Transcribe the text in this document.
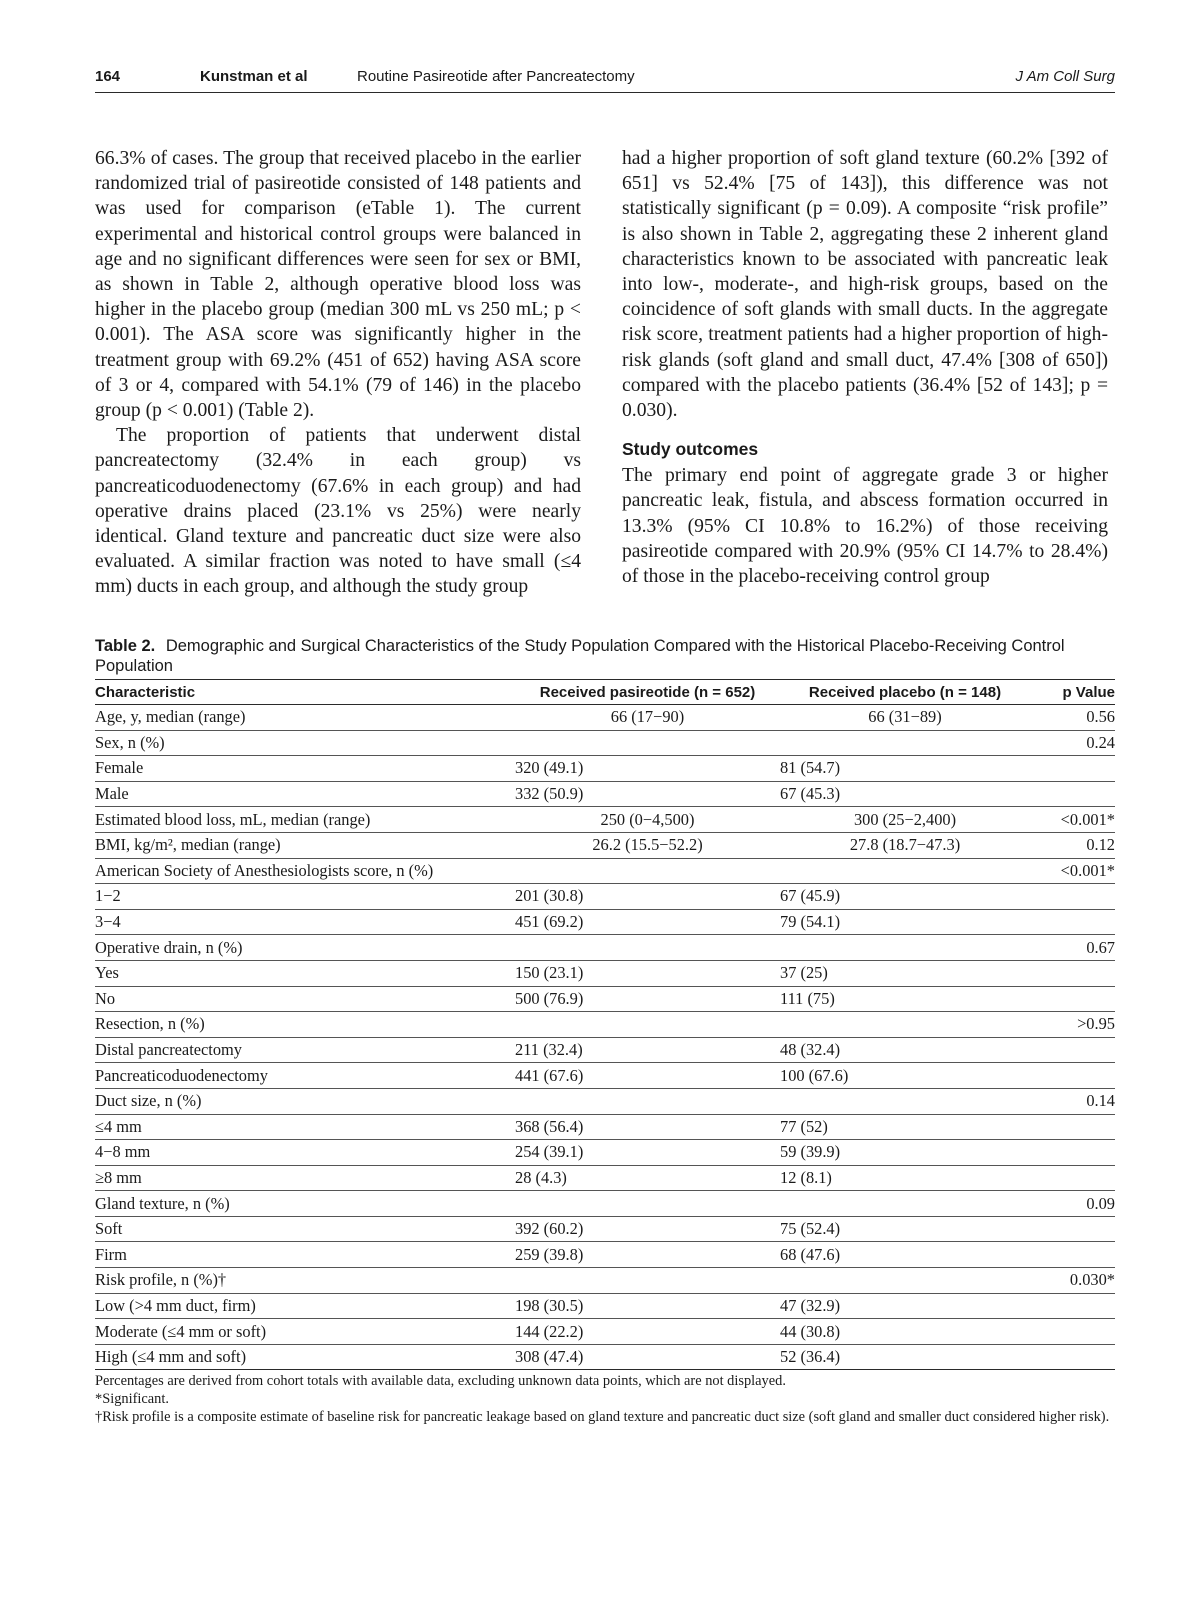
164	Kunstman et al	Routine Pasireotide after Pancreatectomy	J Am Coll Surg

66.3% of cases. The group that received placebo in the earlier randomized trial of pasireotide consisted of 148 patients and was used for comparison (eTable 1). The current experimental and historical control groups were balanced in age and no significant differences were seen for sex or BMI, as shown in Table 2, although operative blood loss was higher in the placebo group (median 300 mL vs 250 mL; p < 0.001). The ASA score was significantly higher in the treatment group with 69.2% (451 of 652) having ASA score of 3 or 4, compared with 54.1% (79 of 146) in the placebo group (p < 0.001) (Table 2).

The proportion of patients that underwent distal pancreatectomy (32.4% in each group) vs pancreaticoduodenectomy (67.6% in each group) and had operative drains placed (23.1% vs 25%) were nearly identical. Gland texture and pancreatic duct size were also evaluated. A similar fraction was noted to have small (≤4 mm) ducts in each group, and although the study group

had a higher proportion of soft gland texture (60.2% [392 of 651] vs 52.4% [75 of 143]), this difference was not statistically significant (p = 0.09). A composite “risk profile” is also shown in Table 2, aggregating these 2 inherent gland characteristics known to be associated with pancreatic leak into low-, moderate-, and high-risk groups, based on the coincidence of soft glands with small ducts. In the aggregate risk score, treatment patients had a higher proportion of high-risk glands (soft gland and small duct, 47.4% [308 of 650]) compared with the placebo patients (36.4% [52 of 143]; p = 0.030).

Study outcomes

The primary end point of aggregate grade 3 or higher pancreatic leak, fistula, and abscess formation occurred in 13.3% (95% CI 10.8% to 16.2%) of those receiving pasireotide compared with 20.9% (95% CI 14.7% to 28.4%) of those in the placebo-receiving control group

Table 2. Demographic and Surgical Characteristics of the Study Population Compared with the Historical Placebo-Receiving Control Population
Characteristic	Received pasireotide (n = 652)	Received placebo (n = 148)	p Value
Age, y, median (range)	66 (17−90)	66 (31−89)	0.56
Sex, n (%)			0.24
Female	320 (49.1)	81 (54.7)	
Male	332 (50.9)	67 (45.3)	
Estimated blood loss, mL, median (range)	250 (0−4,500)	300 (25−2,400)	<0.001*
BMI, kg/m², median (range)	26.2 (15.5−52.2)	27.8 (18.7−47.3)	0.12
American Society of Anesthesiologists score, n (%)			<0.001*
1−2	201 (30.8)	67 (45.9)	
3−4	451 (69.2)	79 (54.1)	
Operative drain, n (%)			0.67
Yes	150 (23.1)	37 (25)	
No	500 (76.9)	111 (75)	
Resection, n (%)			>0.95
Distal pancreatectomy	211 (32.4)	48 (32.4)	
Pancreaticoduodenectomy	441 (67.6)	100 (67.6)	
Duct size, n (%)			0.14
≤4 mm	368 (56.4)	77 (52)	
4−8 mm	254 (39.1)	59 (39.9)	
≥8 mm	28 (4.3)	12 (8.1)	
Gland texture, n (%)			0.09
Soft	392 (60.2)	75 (52.4)	
Firm	259 (39.8)	68 (47.6)	
Risk profile, n (%)†			0.030*
Low (>4 mm duct, firm)	198 (30.5)	47 (32.9)	
Moderate (≤4 mm or soft)	144 (22.2)	44 (30.8)	
High (≤4 mm and soft)	308 (47.4)	52 (36.4)	

Percentages are derived from cohort totals with available data, excluding unknown data points, which are not displayed.

*Significant.

†Risk profile is a composite estimate of baseline risk for pancreatic leakage based on gland texture and pancreatic duct size (soft gland and smaller duct considered higher risk).
